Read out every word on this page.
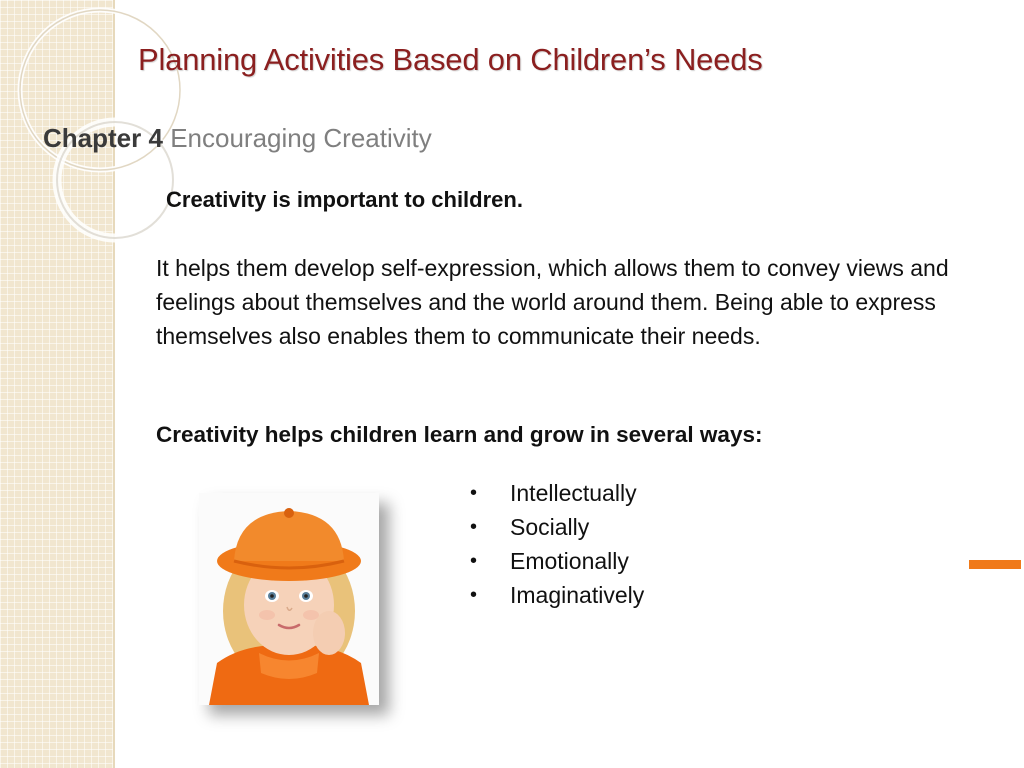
Planning Activities Based on Children’s Needs
Chapter 4 Encouraging Creativity

Creativity is important to children.

It helps them develop self-expression, which allows them to convey views and feelings about themselves and the world around them. Being able to express themselves also enables them to communicate their needs.

Creativity helps children learn and grow in several ways:

•	Intellectually
•	Socially
•	Emotionally
•	Imaginatively
